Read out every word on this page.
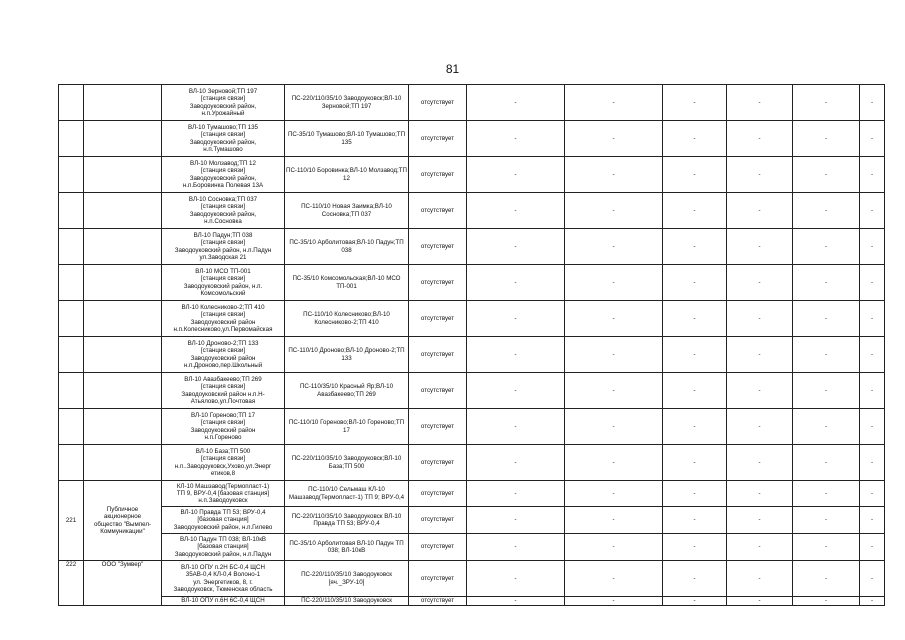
81
		ВЛ-10 Зерновой;ТП 197
[станция связи]
Заводоуковский район,
н.п.Урожайный	ПС-220/110/35/10 Заводоуковск;ВЛ-10 Зерновой;ТП 197	отсутствует	-	-	-	-	-	-
		ВЛ-10 Тумашово;ТП 135
[станция связи]
Заводоуковский район,
н.п.Тумашово	ПС-35/10 Тумашово;ВЛ-10 Тумашово;ТП 135	отсутствует	-	-	-	-	-	-
		ВЛ-10 Молзавод;ТП 12
[станция связи]
Заводоуковский район,
н.п.Боровинка Полевая 13А	ПС-110/10 Боровинка;ВЛ-10 Молзавод;ТП 12	отсутствует	-	-	-	-	-	-
		ВЛ-10 Сосновка;ТП 037
[станция связи]
Заводоуковский район,
н.п.Сосновка	ПС-110/10 Новая Заимка;ВЛ-10 Сосновка;ТП 037	отсутствует	-	-	-	-	-	-
		ВЛ-10 Падун;ТП 038
[станция связи]
Заводоуковский район, н.п.Падун
ул.Заводская 21	ПС-35/10 Арболитовая;ВЛ-10 Падун;ТП 038	отсутствует	-	-	-	-	-	-
		ВЛ-10 МСО ТП-001
[станция связи]
Заводоуковский район, н.п.
Комсомольский	ПС-35/10 Комсомольская;ВЛ-10 МСО ТП-001	отсутствует	-	-	-	-	-	-
		ВЛ-10 Колесниково-2;ТП 410
[станция связи]
Заводоуковский район
н.п.Колесниково,ул.Первомайская	ПС-110/10 Колесниково;ВЛ-10 Колесниково-2;ТП 410	отсутствует	-	-	-	-	-	-
		ВЛ-10 Дроново-2;ТП 133
[станция связи]
Заводоуковский район
н.п.Дроново,пер.Школьный	ПС-110/10 Дроново;ВЛ-10 Дроново-2;ТП 133	отсутствует	-	-	-	-	-	-
		ВЛ-10 Авазбакеево;ТП 269
[станция связи]
Заводоуковский район н.п.Н-
Атьялово,ул.Почтовая	ПС-110/35/10 Красный Яр;ВЛ-10 Авазбакеево;ТП 269	отсутствует	-	-	-	-	-	-
		ВЛ-10 Гореново;ТП 17
[станция связи]
Заводоуковский район
н.п.Гореново	ПС-110/10 Гореново;ВЛ-10 Гореново;ТП 17	отсутствует	-	-	-	-	-	-
		ВЛ-10 База;ТП 500
[станция связи]
н.п..Заводоуковск,Ухово,ул.Энерг
етиков,8	ПС-220/110/35/10 Заводоуковск;ВЛ-10 База;ТП 500	отсутствует	-	-	-	-	-	-
221	Публичное
акционерное
общество "Вымпел-
Коммуникации"	КЛ-10 Машзавод(Термопласт-1)
ТП 9, ВРУ-0,4 [базовая станция]
н.п.Заводоуковск	ПС-110/10 Сельмаш КЛ-10 Машзавод(Термопласт-1) ТП 9; ВРУ-0,4	отсутствует	-	-	-	-	-	-
		ВЛ-10 Правда ТП 53; ВРУ-0,4
[базовая станция]
Заводоуковский район, н.п.Гилево	ПС-220/110/35/10 Заводоуковск ВЛ-10 Правда ТП 53; ВРУ-0,4	отсутствует	-	-	-	-	-	-
		ВЛ-10 Падун ТП 038; ВЛ-10кВ
[базовая станция]
Заводоуковский район, н.п.Падун	ПС-35/10 Арболитовая ВЛ-10 Падун ТП 038; ВЛ-10кВ	отсутствует	-	-	-	-	-	-
222	ООО "Зумвер"	ВЛ-10 ОПУ п.2Н БС-0,4 ЩСН
35АВ-0,4 КЛ-0,4 Волоно-1
ул. Энергетиков, 8, г.
Заводоуковск, Тюменская область	ПС-220/110/35/10 Заводоуковск [яч._ЗРУ-10]	отсутствует	-	-	-	-	-	-
		ВЛ-10 ОПУ п.6Н 6С-0,4 ЩСН	ПС-220/110/35/10 Заводоуковск	отсутствует	-	-	-	-	-	-
